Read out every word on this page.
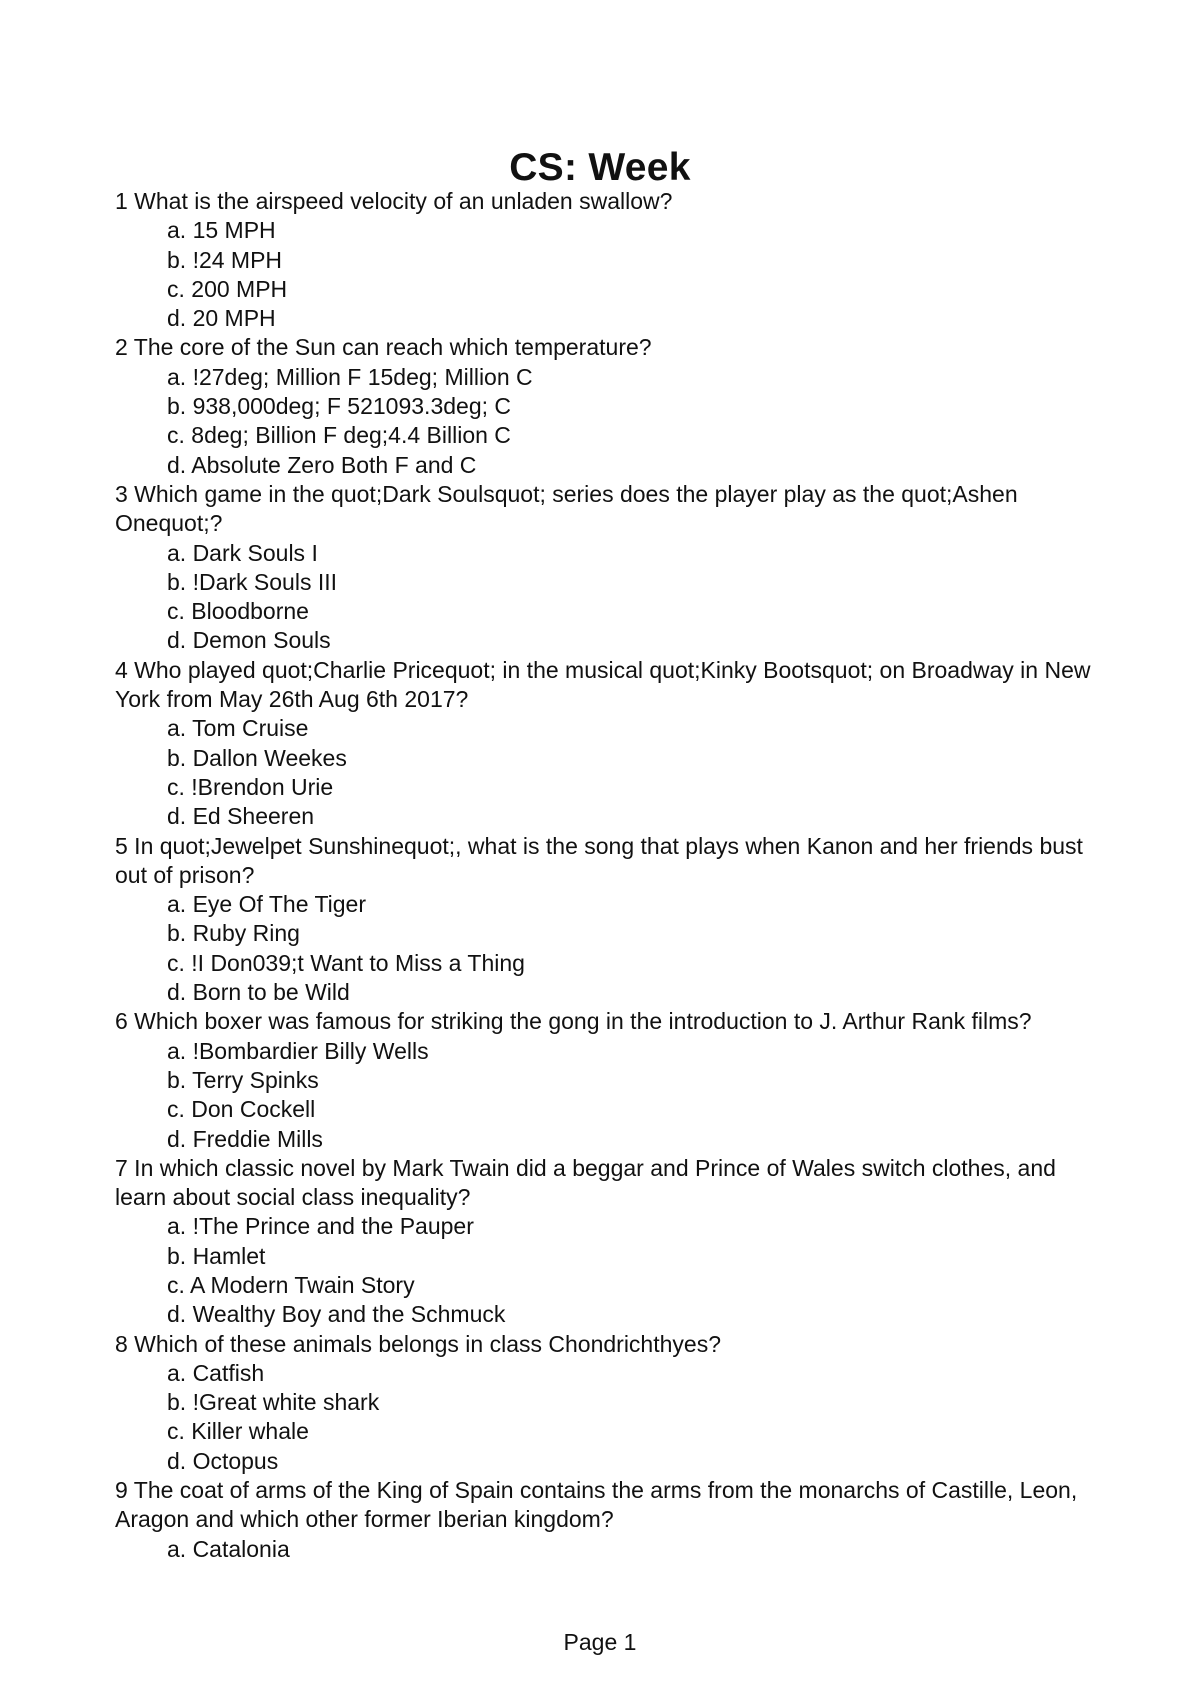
CS: Week
1 What is the airspeed velocity of an unladen swallow?
a. 15 MPH
b. !24 MPH
c. 200 MPH
d. 20 MPH
2 The core of the Sun can reach which temperature?
a. !27deg; Million F 15deg; Million C
b. 938,000deg; F 521093.3deg; C
c. 8deg; Billion F deg;4.4 Billion C
d. Absolute Zero Both F and C
3 Which game in the quot;Dark Soulsquot; series does the player play as the quot;Ashen Onequot;?
a. Dark Souls I
b. !Dark Souls III
c. Bloodborne
d. Demon Souls
4 Who played quot;Charlie Pricequot; in the musical quot;Kinky Bootsquot; on Broadway in New York from May 26th Aug 6th 2017?
a. Tom Cruise
b. Dallon Weekes
c. !Brendon Urie
d. Ed Sheeren
5 In quot;Jewelpet Sunshinequot;, what is the song that plays when Kanon and her friends bust out of prison?
a. Eye Of The Tiger
b. Ruby Ring
c. !I Don039;t Want to Miss a Thing
d. Born to be Wild
6 Which boxer was famous for striking the gong in the introduction to J. Arthur Rank films?
a. !Bombardier Billy Wells
b. Terry Spinks
c. Don Cockell
d. Freddie Mills
7 In which classic novel by Mark Twain did a beggar and Prince of Wales switch clothes, and learn about social class inequality?
a. !The Prince and the Pauper
b. Hamlet
c. A Modern Twain Story
d. Wealthy Boy and the Schmuck
8 Which of these animals belongs in class Chondrichthyes?
a. Catfish
b. !Great white shark
c. Killer whale
d. Octopus
9 The coat of arms of the King of Spain contains the arms from the monarchs of Castille, Leon, Aragon and which other former Iberian kingdom?
a. Catalonia
Page 1
